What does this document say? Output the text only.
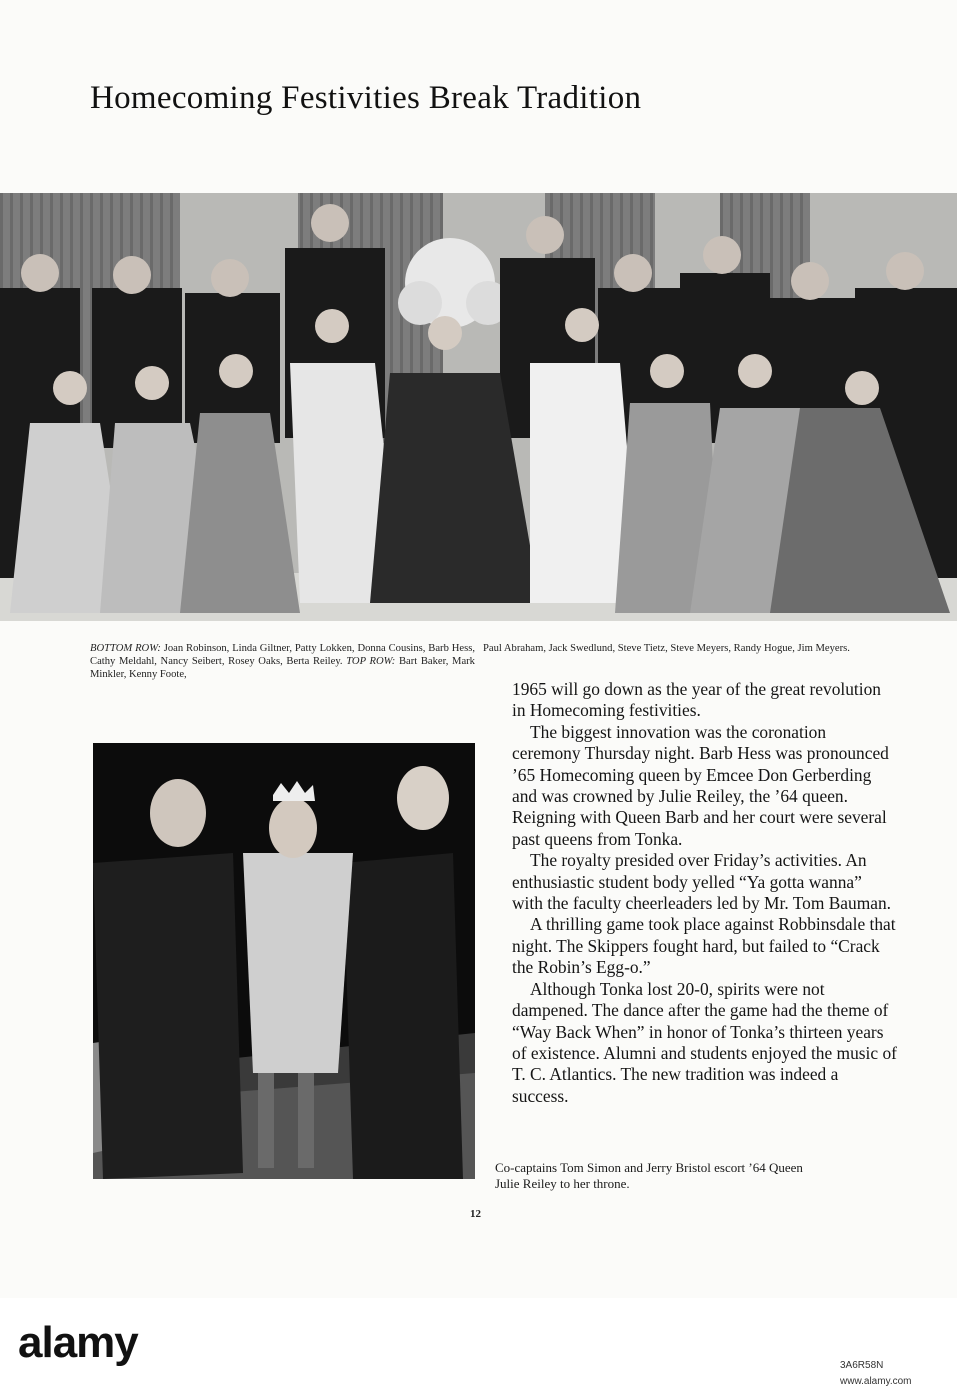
Homecoming Festivities Break Tradition
BOTTOM ROW: Joan Robinson, Linda Giltner, Patty Lokken, Donna Cousins, Barb Hess, Cathy Meldahl, Nancy Seibert, Rosey Oaks, Berta Reiley. TOP ROW: Bart Baker, Mark Minkler, Kenny Foote,
Paul Abraham, Jack Swedlund, Steve Tietz, Steve Meyers, Randy Hogue, Jim Meyers.

1965 will go down as the year of the great revolution in Homecoming festivities.

The biggest innovation was the coronation ceremony Thursday night. Barb Hess was pronounced ’65 Homecoming queen by Emcee Don Gerberding and was crowned by Julie Reiley, the ’64 queen. Reigning with Queen Barb and her court were several past queens from Tonka.

The royalty presided over Friday’s activities. An enthusiastic student body yelled “Ya gotta wanna” with the faculty cheerleaders led by Mr. Tom Bauman.

A thrilling game took place against Robbinsdale that night. The Skippers fought hard, but failed to “Crack the Robin’s Egg-o.”

Although Tonka lost 20-0, spirits were not dampened. The dance after the game had the theme of “Way Back When” in honor of Tonka’s thirteen years of existence. Alumni and students enjoyed the music of T. C. Atlantics. The new tradition was indeed a success.

Co-captains Tom Simon and Jerry Bristol escort ’64 Queen Julie Reiley to her throne.
12
alamy	3A6R58N
www.alamy.com
